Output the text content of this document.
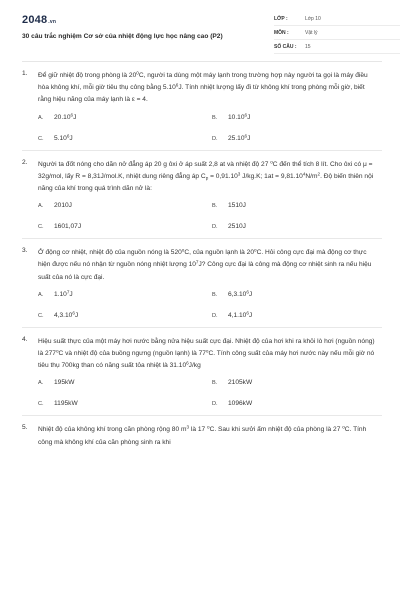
2048.vn
30 câu trắc nghiệm Cơ sở của nhiệt động lực học nâng cao (P2)
LỚP :	Lớp 10
MÔN :	Vật lý
SỐ CÂU :	15
1. Để giữ nhiệt độ trong phòng là $20^0C$, người ta dùng một máy lạnh trong trường hợp này người ta gọi là máy điều hòa không khí, mỗi giờ tiêu thụ công bằng 5.10$^6$J. Tính nhiệt lượng lấy đi từ không khí trong phòng mỗi giờ, biết rằng hiệu năng của máy lạnh là ε = 4.
A.	20.10$^6$J	B.	10.10$^6$J
C.	5.10$^6$J	D.	25.10$^6$J
2. Người ta đốt nóng cho dãn nở đẳng áp 20 g ôxi ở áp suất 2,8 at và nhiệt độ 27 $^o$C đến thể tích 8 lít. Cho ôxi có μ = 32g/mol, lấy R = 8,31J/mol.K, nhiệt dung riêng đẳng áp $C_p = 0,91.10^3$ J/kg.K; $1at = 9,81.10^4N/m^2$. Độ biến thiên nội năng của khí trong quá trình dãn nở là:
A.	2010J	B.	1510J
C.	1601,07J	D.	2510J
3. Ở động cơ nhiệt, nhiệt độ của nguồn nóng là 520$^o$C, của nguồn lạnh là 20$^o$C. Hỏi công cực đại mà động cơ thực hiện được nếu nó nhận từ nguồn nóng nhiệt lượng $10^7J$? Công cực đại là công mà động cơ nhiệt sinh ra nếu hiệu suất của nó là cực đại.
A.	1.10$^7$J	B.	6,3.10$^6$J
C.	4,3.10$^6$J	D.	4,1.10$^6$J
4. Hiệu suất thực của một máy hơi nước bằng nửa hiệu suất cực đại. Nhiệt độ của hơi khi ra khỏi lò hơi (nguồn nóng) là 277$^o$C và nhiệt độ của buồng ngưng (nguồn lạnh) là 77$^o$C. Tính công suất của máy hơi nước này nếu mỗi giờ nó tiêu thụ 700kg than có năng suất tỏa nhiệt là 31.10$^6$J/kg
A.	195kW	B.	2105kW
C.	1195kW	D.	1096kW
5. Nhiệt độ của không khí trong căn phòng rộng 80 $m^3$ là 17 $^o$C. Sau khi sưởi ấm nhiệt độ của phòng là 27 $^o$C. Tính công mà không khí của căn phòng sinh ra khi
